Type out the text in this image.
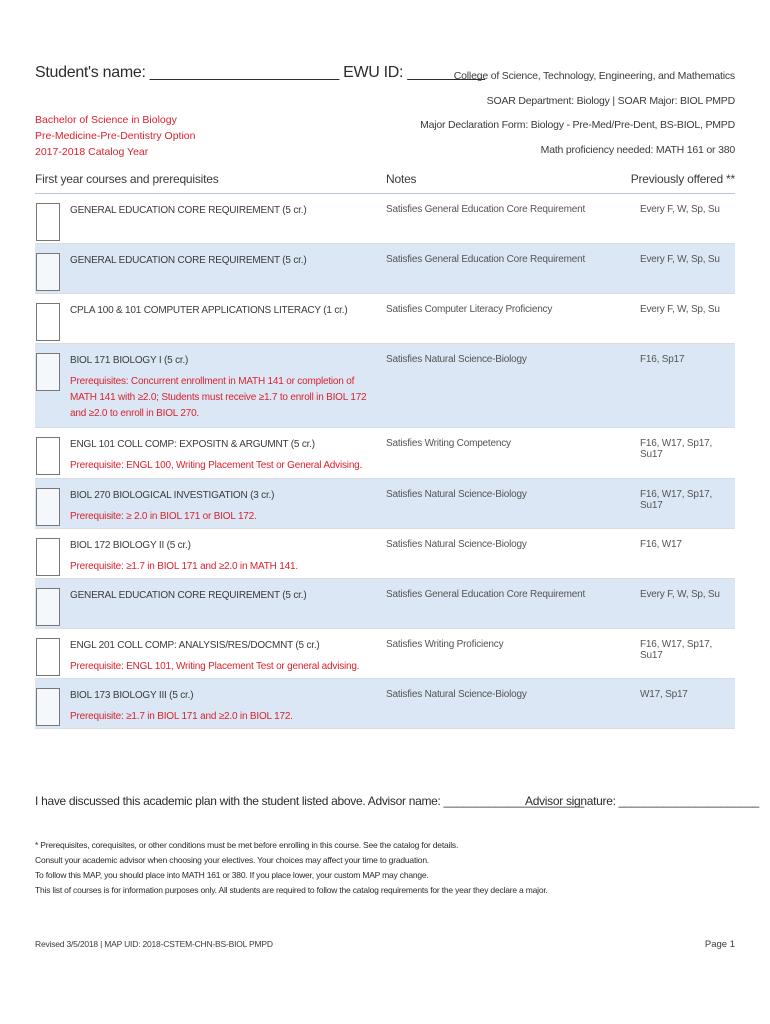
Student's name: ______________________ EWU ID: _________
Bachelor of Science in Biology
Pre-Medicine-Pre-Dentistry Option
2017-2018 Catalog Year
College of Science, Technology, Engineering, and Mathematics
SOAR Department: Biology | SOAR Major: BIOL PMPD
Major Declaration Form: Biology - Pre-Med/Pre-Dent, BS-BIOL, PMPD
Math proficiency needed: MATH 161 or 380
First year courses and prerequisites	Notes	Previously offered **
GENERAL EDUCATION CORE REQUIREMENT (5 cr.)	Satisfies General Education Core Requirement	Every F, W, Sp, Su
GENERAL EDUCATION CORE REQUIREMENT (5 cr.)	Satisfies General Education Core Requirement	Every F, W, Sp, Su
CPLA 100 & 101 COMPUTER APPLICATIONS LITERACY (1 cr.)	Satisfies Computer Literacy Proficiency	Every F, W, Sp, Su
BIOL 171 BIOLOGY I (5 cr.)
Prerequisites: Concurrent enrollment in MATH 141 or completion of MATH 141 with ≥2.0; Students must receive ≥1.7 to enroll in BIOL 172 and ≥2.0 to enroll in BIOL 270.
Satisfies Natural Science-Biology	F16, Sp17
ENGL 101 COLL COMP: EXPOSITN & ARGUMNT (5 cr.)
Prerequisite: ENGL 100, Writing Placement Test or General Advising.
Satisfies Writing Competency	F16, W17, Sp17, Su17
BIOL 270 BIOLOGICAL INVESTIGATION (3 cr.)
Prerequisite: ≥ 2.0 in BIOL 171 or BIOL 172.
Satisfies Natural Science-Biology	F16, W17, Sp17, Su17
BIOL 172 BIOLOGY II (5 cr.)
Prerequisite: ≥1.7 in BIOL 171 and ≥2.0 in MATH 141.
Satisfies Natural Science-Biology	F16, W17
GENERAL EDUCATION CORE REQUIREMENT (5 cr.)	Satisfies General Education Core Requirement	Every F, W, Sp, Su
ENGL 201 COLL COMP: ANALYSIS/RES/DOCMNT (5 cr.)
Prerequisite: ENGL 101, Writing Placement Test or general advising.
Satisfies Writing Proficiency	F16, W17, Sp17, Su17
BIOL 173 BIOLOGY III (5 cr.)
Prerequisite: ≥1.7 in BIOL 171 and ≥2.0 in BIOL 172.
Satisfies Natural Science-Biology	W17, Sp17
I have discussed this academic plan with the student listed above. Advisor name: ______________________
Advisor signature: ______________________
* Prerequisites, corequisites, or other conditions must be met before enrolling in this course. See the catalog for details.
Consult your academic advisor when choosing your electives. Your choices may affect your time to graduation.
To follow this MAP, you should place into MATH 161 or 380. If you place lower, your custom MAP may change.
This list of courses is for information purposes only. All students are required to follow the catalog requirements for the year they declare a major.
Revised 3/5/2018 | MAP UID: 2018-CSTEM-CHN-BS-BIOL PMPD	Page 1
